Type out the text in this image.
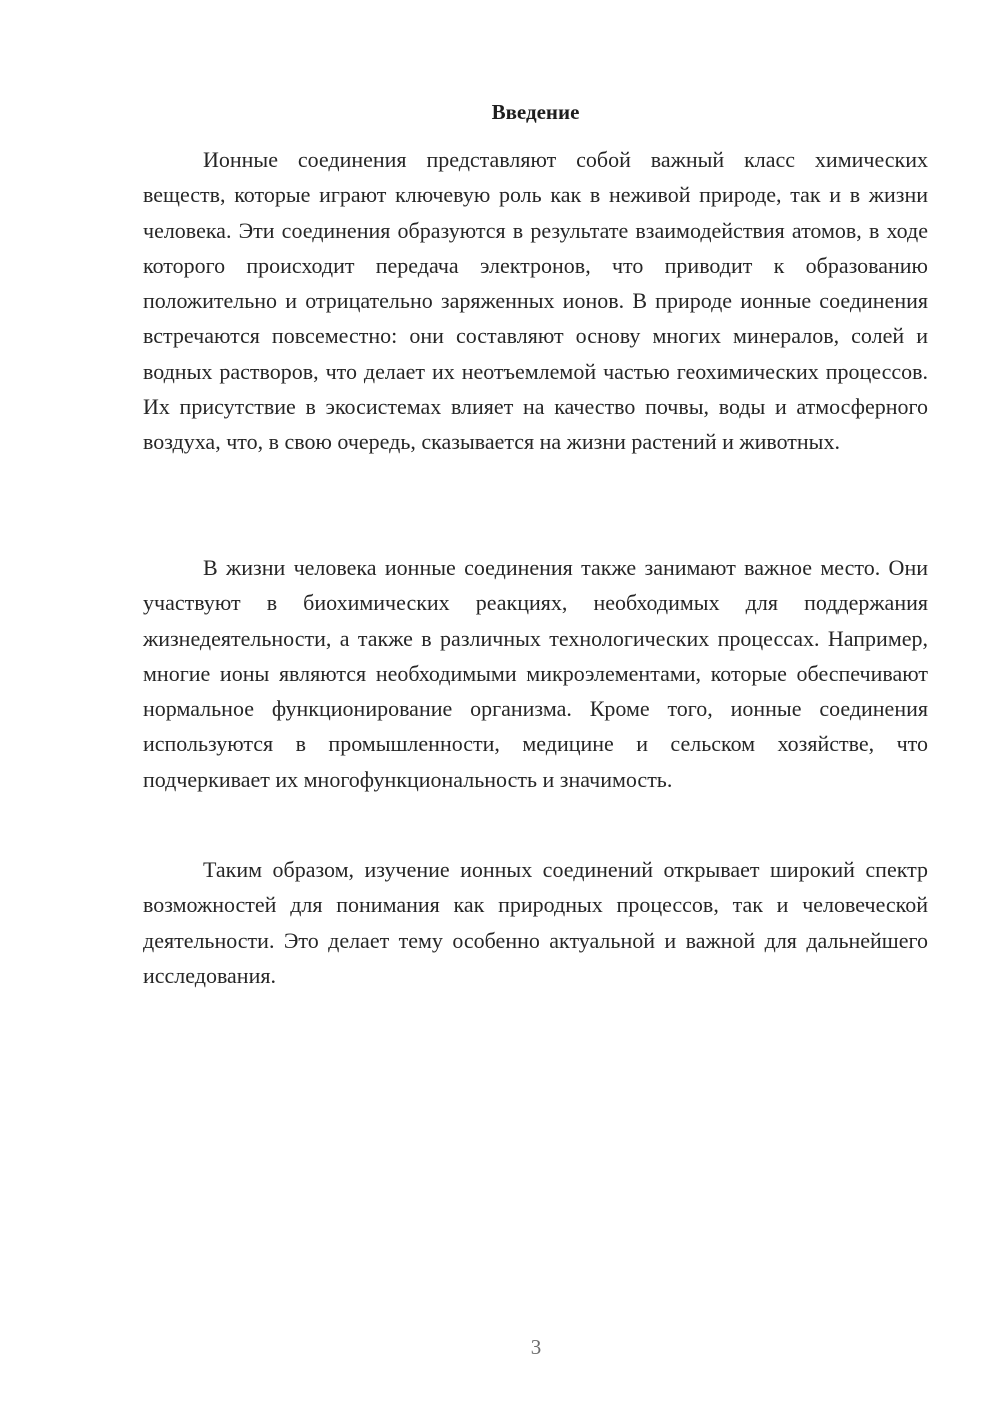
Введение

Ионные соединения представляют собой важный класс химических веществ, которые играют ключевую роль как в неживой природе, так и в жизни человека. Эти соединения образуются в результате взаимодействия атомов, в ходе которого происходит передача электронов, что приводит к образованию положительно и отрицательно заряженных ионов. В природе ионные соединения встречаются повсеместно: они составляют основу многих минералов, солей и водных растворов, что делает их неотъемлемой частью геохимических процессов. Их присутствие в экосистемах влияет на качество почвы, воды и атмосферного воздуха, что, в свою очередь, сказывается на жизни растений и животных.

В жизни человека ионные соединения также занимают важное место. Они участвуют в биохимических реакциях, необходимых для поддержания жизнедеятельности, а также в различных технологических процессах. Например, многие ионы являются необходимыми микроэлементами, которые обеспечивают нормальное функционирование организма. Кроме того, ионные соединения используются в промышленности, медицине и сельском хозяйстве, что подчеркивает их многофункциональность и значимость.

Таким образом, изучение ионных соединений открывает широкий спектр возможностей для понимания как природных процессов, так и человеческой деятельности. Это делает тему особенно актуальной и важной для дальнейшего исследования.

3
